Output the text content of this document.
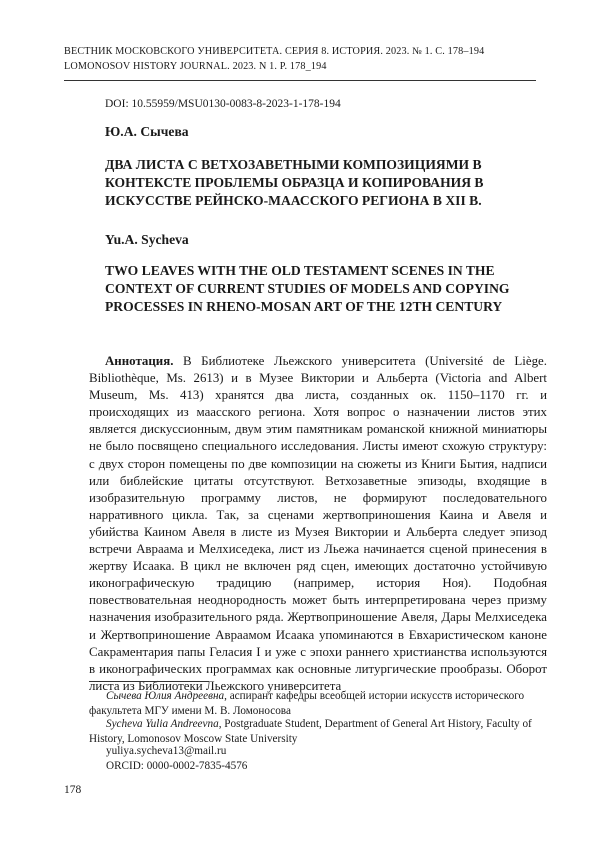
ВЕСТНИК МОСКОВСКОГО УНИВЕРСИТЕТА. СЕРИЯ 8. ИСТОРИЯ. 2023. № 1. С. 178–194
LOMONOSOV HISTORY JOURNAL. 2023. N 1. P. 178_194
DOI: 10.55959/MSU0130-0083-8-2023-1-178-194
Ю.А. Сычева
ДВА ЛИСТА С ВЕТХОЗАВЕТНЫМИ КОМПОЗИЦИЯМИ В КОНТЕКСТЕ ПРОБЛЕМЫ ОБРАЗЦА И КОПИРОВАНИЯ В ИСКУССТВЕ РЕЙНСКО-МААССКОГО РЕГИОНА В XII В.
Yu.A. Sycheva
TWO LEAVES WITH THE OLD TESTAMENT SCENES IN THE CONTEXT OF CURRENT STUDIES OF MODELS AND COPYING PROCESSES IN RHENO-MOSAN ART OF THE 12TH CENTURY

Аннотация. В Библиотеке Льежского университета (Université de Liège. Bibliothèque, Ms. 2613) и в Музее Виктории и Альберта (Victoria and Albert Museum, Ms. 413) хранятся два листа, созданных ок. 1150–1170 гг. и происходящих из маасского региона. Хотя вопрос о назначении листов этих является дискуссионным, двум этим памятникам романской книжной миниатюры не было посвящено специального исследования. Листы имеют схожую структуру: с двух сторон помещены по две композиции на сюжеты из Книги Бытия, надписи или библейские цитаты отсутствуют. Ветхозаветные эпизоды, входящие в изобразительную программу листов, не формируют последовательного нарративного цикла. Так, за сценами жертвоприношения Каина и Авеля и убийства Каином Авеля в листе из Музея Виктории и Альберта следует эпизод встречи Авраама и Мелхиседека, лист из Льежа начинается сценой принесения в жертву Исаака. В цикл не включен ряд сцен, имеющих достаточно устойчивую иконографическую традицию (например, история Ноя). Подобная повествовательная неоднородность может быть интерпретирована через призму назначения изобразительного ряда. Жертвоприношение Авеля, Дары Мелхиседека и Жертвоприношение Авраамом Исаака упоминаются в Евхаристическом каноне Сакраментария папы Геласия I и уже с эпохи раннего христианства используются в иконографических программах как основные литургические прообразы. Оборот листа из Библиотеки Льежского университета

Сычева Юлия Андреевна, аспирант кафедры всеобщей истории искусств исторического факультета МГУ имени М. В. Ломоносова

Sycheva Yulia Andreevna, Postgraduate Student, Department of General Art History, Faculty of History, Lomonosov Moscow State University

yuliya.sycheva13@mail.ru
ORCID: 0000-0002-7835-4576
178
